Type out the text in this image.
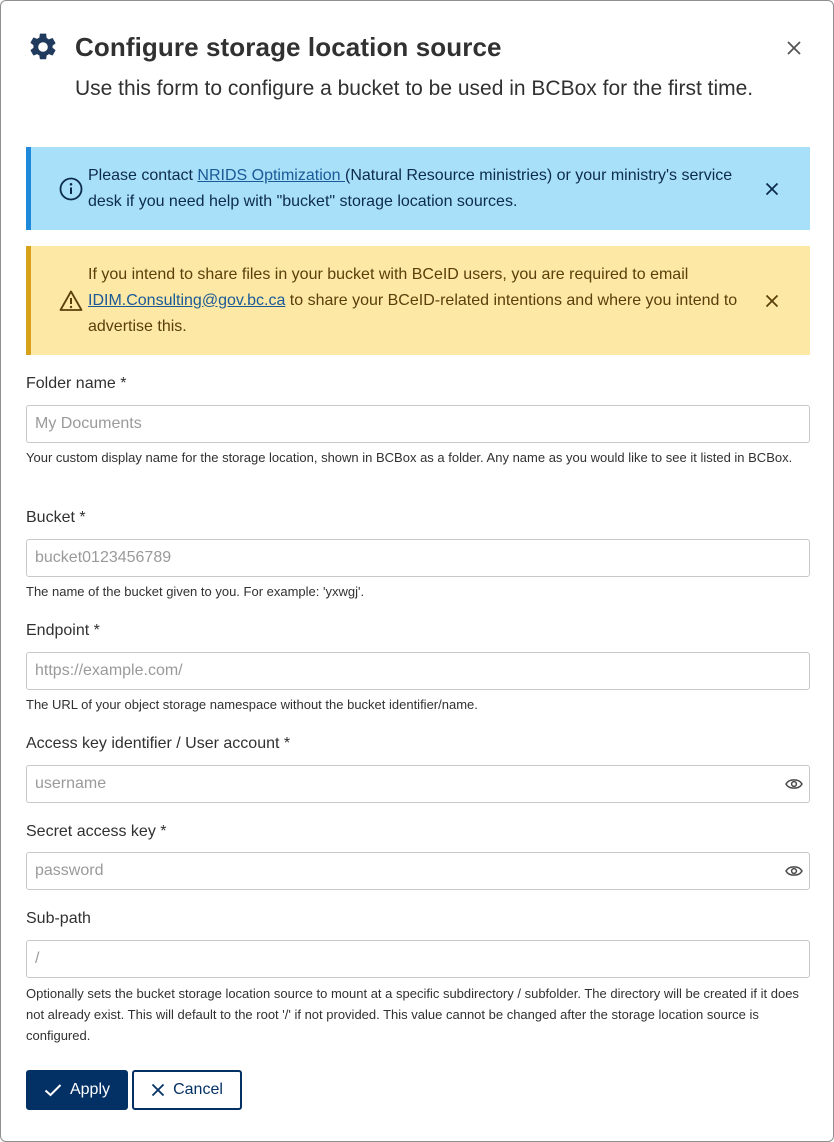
Configure storage location source
Use this form to configure a bucket to be used in BCBox for the first time.
Please contact NRIDS Optimization (Natural Resource ministries) or your ministry's service desk if you need help with "bucket" storage location sources.
If you intend to share files in your bucket with BCeID users, you are required to email IDIM.Consulting@gov.bc.ca to share your BCeID-related intentions and where you intend to advertise this.
Folder name *
My Documents
Your custom display name for the storage location, shown in BCBox as a folder. Any name as you would like to see it listed in BCBox.
Bucket *
bucket0123456789
The name of the bucket given to you. For example: 'yxwgj'.
Endpoint *
https://example.com/
The URL of your object storage namespace without the bucket identifier/name.
Access key identifier / User account *
username
Secret access key *
Sub-path
/
Optionally sets the bucket storage location source to mount at a specific subdirectory / subfolder. The directory will be created if it does not already exist. This will default to the root '/' if not provided. This value cannot be changed after the storage location source is configured.
Apply	Cancel
